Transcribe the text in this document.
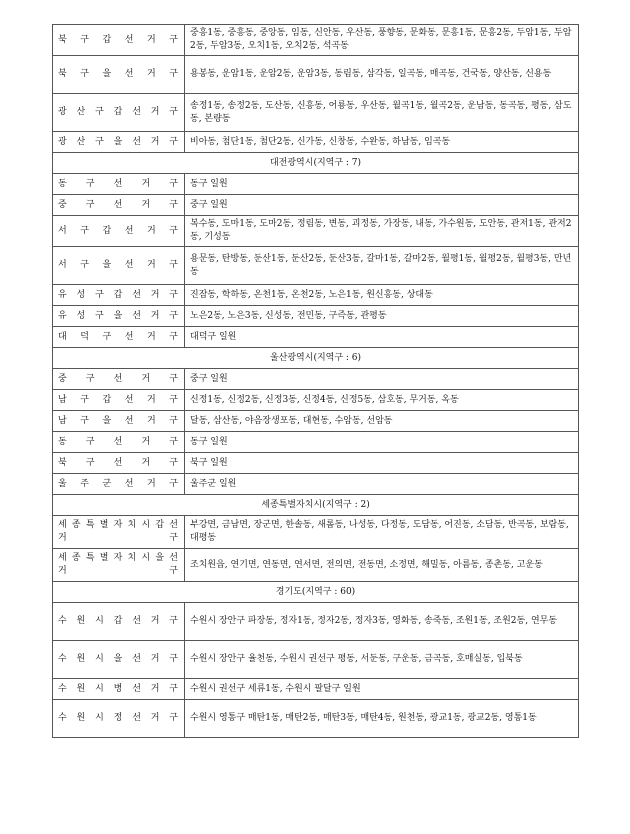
북 구 갑 선 거 구	중흥1동, 중흥동, 중앙동, 임동, 신안동, 우산동, 풍향동, 문화동, 문흥1동, 문흥2동, 두암1동, 두암2동, 두암3동, 오치1동, 오치2동, 석곡동
북 구 을 선 거 구	용봉동, 운암1동, 운암2동, 운암3동, 동림동, 삼각동, 일곡동, 매곡동, 건국동, 양산동, 신용동
광 산 구 갑 선 거 구	송정1동, 송정2동, 도산동, 신흥동, 어룡동, 우산동, 월곡1동, 월곡2동, 운남동, 동곡동, 평동, 삼도동, 본량동
광 산 구 을 선 거 구	비아동, 첨단1동, 첨단2동, 신가동, 신창동, 수완동, 하남동, 임곡동
대전광역시(지역구 : 7)	
동 구 선 거 구	동구 일원
중 구 선 거 구	중구 일원
서 구 갑 선 거 구	복수동, 도마1동, 도마2동, 정림동, 변동, 괴정동, 가장동, 내동, 가수원동, 도안동, 관저1동, 관저2동, 기성동
서 구 을 선 거 구	용문동, 탄방동, 둔산1동, 둔산2동, 둔산3동, 갈마1동, 갈마2동, 월평1동, 월평2동, 월평3동, 만년동
유 성 구 갑 선 거 구	진잠동, 학하동, 온천1동, 온천2동, 노은1동, 원신흥동, 상대동
유 성 구 을 선 거 구	노은2동, 노은3동, 신성동, 전민동, 구즉동, 관평동
대 덕 구 선 거 구	대덕구 일원
울산광역시(지역구 : 6)	
중 구 선 거 구	중구 일원
남 구 갑 선 거 구	신정1동, 신정2동, 신정3동, 신정4동, 신정5동, 삼호동, 무거동, 옥동
남 구 을 선 거 구	달동, 삼산동, 야음장생포동, 대현동, 수암동, 선암동
동 구 선 거 구	동구 일원
북 구 선 거 구	북구 일원
울 주 군 선 거 구	울주군 일원
세종특별자치시(지역구 : 2)	
세 종 특 별 자 치 시 갑 선 거 구	부강면, 금남면, 장군면, 한솔동, 새롬동, 나성동, 다정동, 도담동, 어진동, 소담동, 반곡동, 보람동, 대평동
세 종 특 별 자 치 시 을 선 거 구	조치원읍, 연기면, 연동면, 연서면, 전의면, 전동면, 소정면, 해밀동, 아름동, 종촌동, 고운동
경기도(지역구 : 60)	
수 원 시 갑 선 거 구	수원시 장안구 파장동, 정자1동, 정자2동, 정자3동, 영화동, 송죽동, 조원1동, 조원2동, 연무동
수 원 시 을 선 거 구	수원시 장안구 율천동, 수원시 권선구 평동, 서둔동, 구운동, 금곡동, 호매실동, 입북동
수 원 시 병 선 거 구	수원시 권선구 세류1동, 수원시 팔달구 일원
수 원 시 정 선 거 구	수원시 영통구 매탄1동, 매탄2동, 매탄3동, 매탄4동, 원천동, 광교1동, 광교2동, 영통1동
